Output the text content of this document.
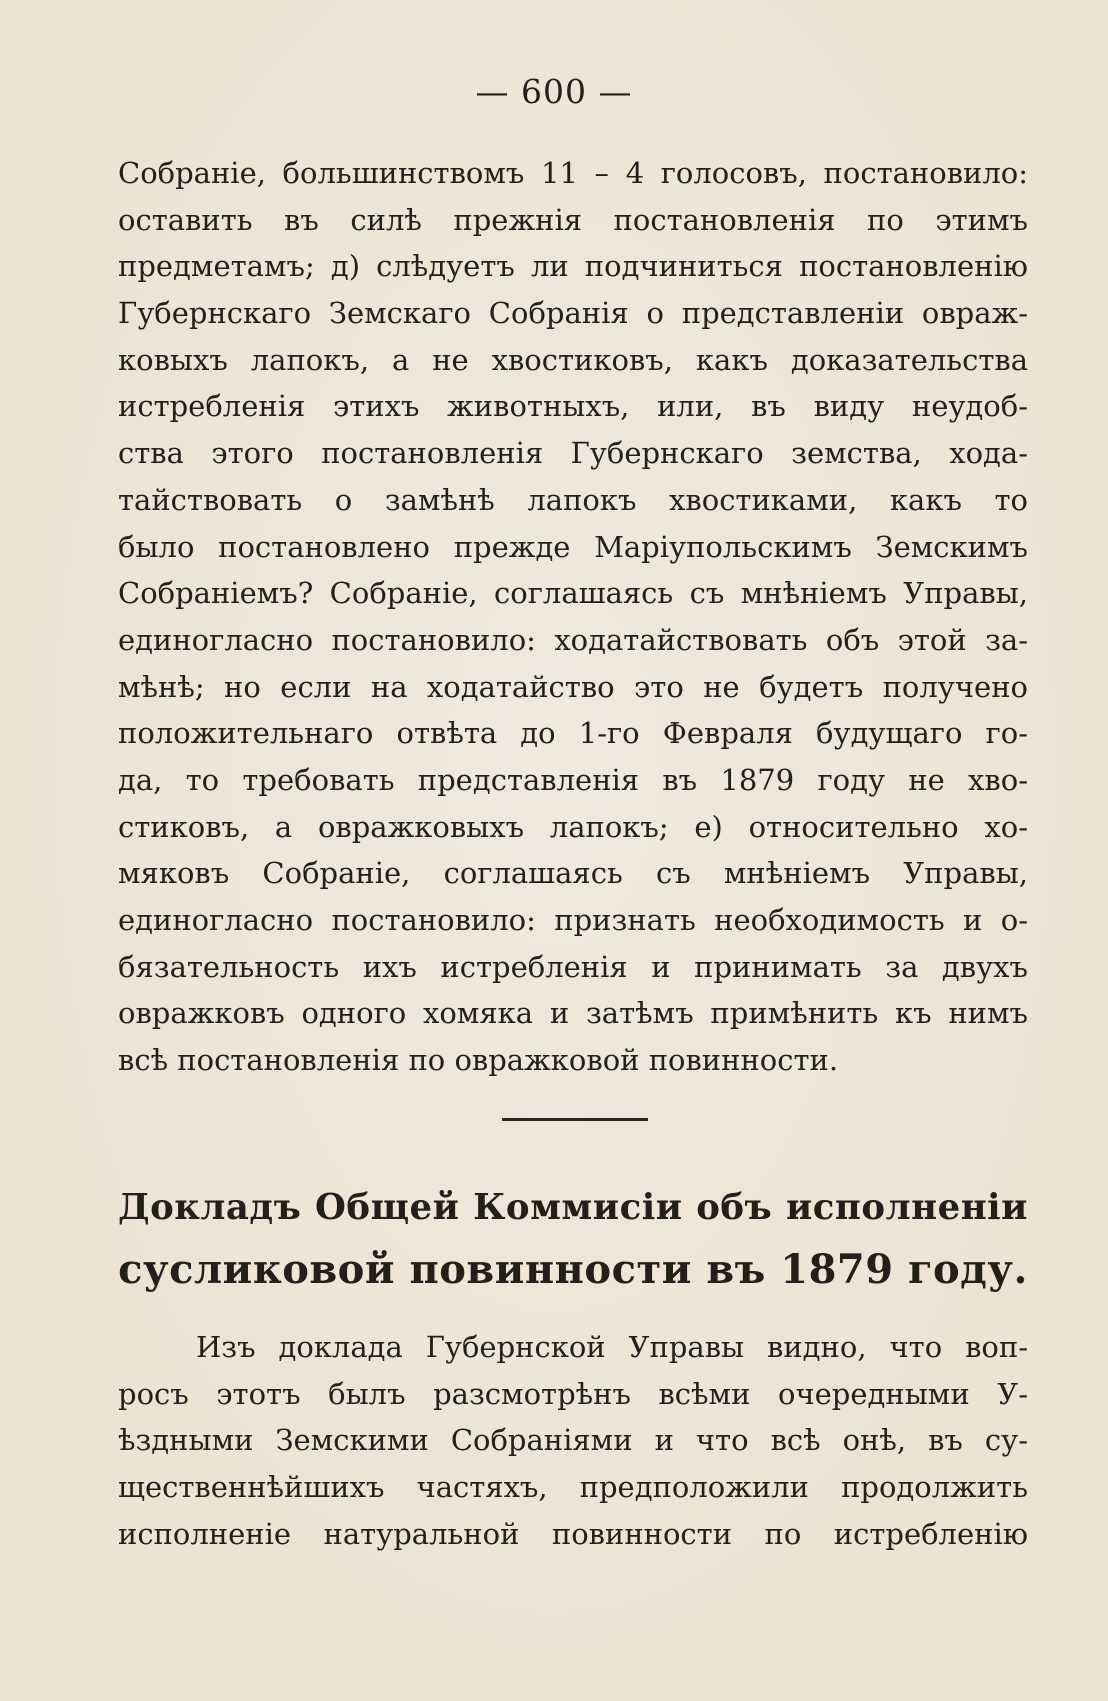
— 600 —
Собранiе, большинствомъ 11 – 4 голосовъ, постановило:
оставить въ силѣ прежнiя постановленiя по этимъ
предметамъ; д) слѣдуетъ ли подчиниться постановленiю
Губернскаго Земскаго Собранiя о представленiи овраж-
ковыхъ лапокъ, а не хвостиковъ, какъ доказательства
истребленiя этихъ животныхъ, или, въ виду неудоб-
ства этого постановленiя Губернскаго земства, хода-
тайствовать о замѣнѣ лапокъ хвостиками, какъ то
было постановлено прежде Марiупольскимъ Земскимъ
Собранiемъ? Собранiе, соглашаясь съ мнѣнiемъ Управы,
единогласно постановило: ходатайствовать объ этой за-
мѣнѣ; но если на ходатайство это не будетъ получено
положительнаго отвѣта до 1-го Февраля будущаго го-
да, то требовать представленiя въ 1879 году не хво-
стиковъ, а овражковыхъ лапокъ; е) относительно хо-
мяковъ Собранiе, соглашаясь съ мнѣнiемъ Управы,
единогласно постановило: признать необходимость и о-
бязательность ихъ истребленiя и принимать за двухъ
овражковъ одного хомяка и затѣмъ примѣнить къ нимъ
всѣ постановленiя по овражковой повинности.
Докладъ Общей Коммисiи объ исполненiи
сусликовой повинности въ 1879 году.
Изъ доклада Губернской Управы видно, что воп-
росъ этотъ былъ разсмотрѣнъ всѣми очередными У-
ѣздными Земскими Собранiями и что всѣ онѣ, въ су-
щественнѣйшихъ частяхъ, предположили продолжить
исполненiе натуральной повинности по истребленiю
